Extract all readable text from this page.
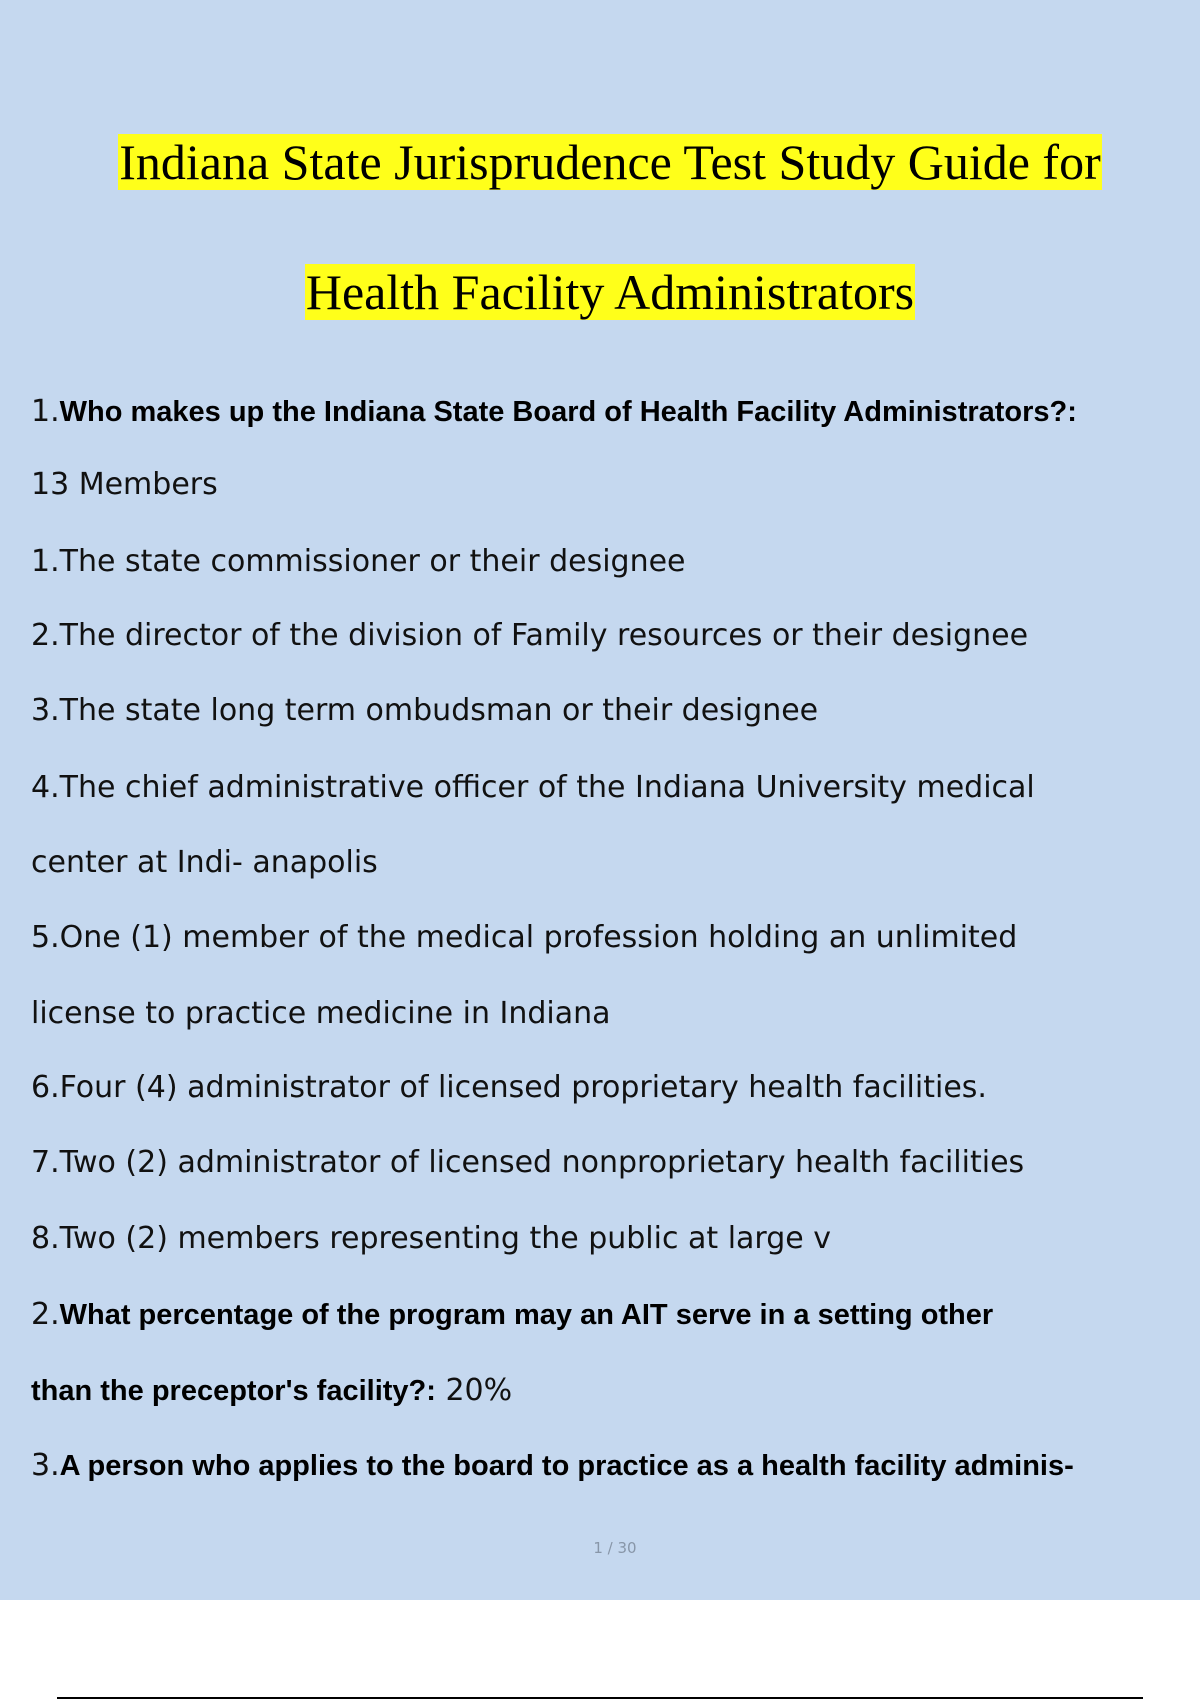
Indiana State Jurisprudence Test Study Guide for
Health Facility Administrators
1.Who makes up the Indiana State Board of Health Facility Administrators?:
13 Members
1.The state commissioner or their designee
2.The director of the division of Family resources or their designee
3.The state long term ombudsman or their designee
4.The chief administrative officer of the Indiana University medical
center at Indi- anapolis
5.One (1) member of the medical profession holding an unlimited
license to practice medicine in Indiana
6.Four (4) administrator of licensed proprietary health facilities.
7.Two (2) administrator of licensed nonproprietary health facilities
8.Two (2) members representing the public at large v
2.What percentage of the program may an AIT serve in a setting other
than the preceptor's facility?: 20%
3.A person who applies to the board to practice as a health facility adminis-
1 / 30
